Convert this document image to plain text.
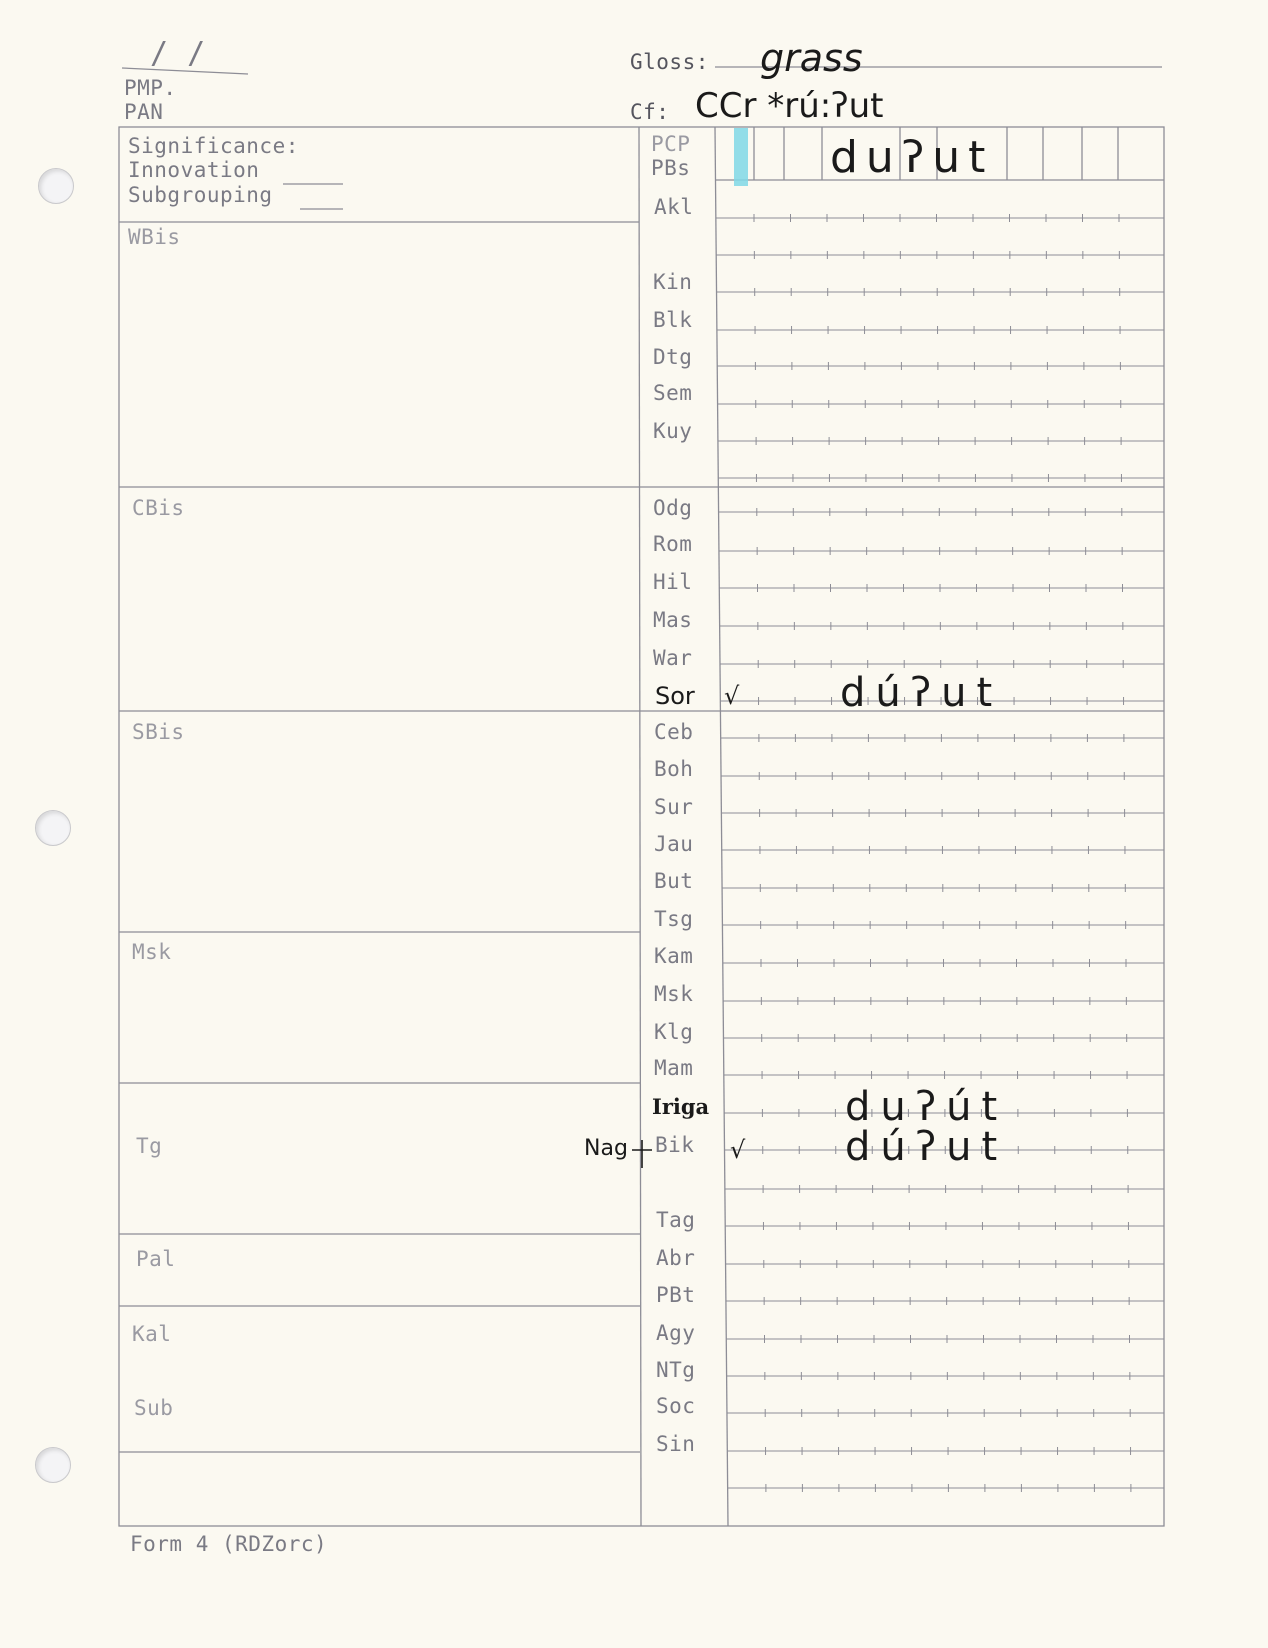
/ /
PMP.
PAN
Gloss: grass
Cf: CCr *rú:ʔut
Significance:
Innovation
Subgrouping
WBis
CBis
SBis
Msk
Tg
Pal
Kal
Sub
PCP
PBs
Akl
Kin
Blk
Dtg
Sem
Kuy
Odg
Rom
Hil
Mas
War
Sor
Ceb
Boh
Sur
Jau
But
Tsg
Kam
Msk
Klg
Mam
Iriga
Bik
Tag
Abr
PBt
Agy
NTg
Soc
Sin
Nag
duʔut
√	dúʔut
duʔút
√ dúʔut
Form 4 (RDZorc)
